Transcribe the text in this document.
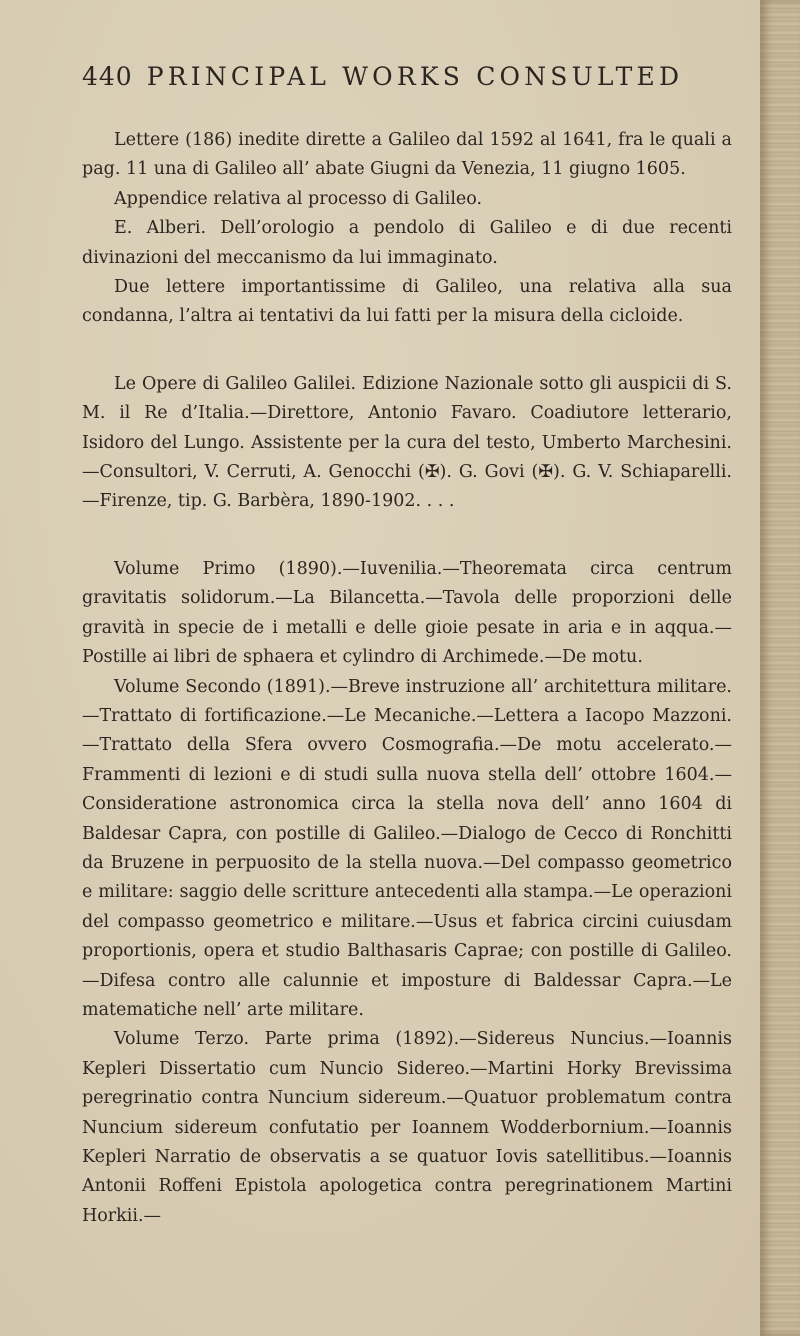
440 PRINCIPAL WORKS CONSULTED

Lettere (186) inedite dirette a Galileo dal 1592 al 1641, fra le quali a pag. 11 una di Galileo all’ abate Giugni da Venezia, 11 giugno 1605.

Appendice relativa al processo di Galileo.

E. Alberi. Dell’orologio a pendolo di Galileo e di due recenti divinazioni del meccanismo da lui immaginato.

Due lettere importantissime di Galileo, una relativa alla sua condanna, l’altra ai tentativi da lui fatti per la misura della cicloide.

Le Opere di Galileo Galilei. Edizione Nazionale sotto gli auspicii di S. M. il Re d’Italia.—Direttore, Antonio Favaro. Coadiutore letterario, Isidoro del Lungo. Assistente per la cura del testo, Umberto Marchesini.—Consultori, V. Cerruti, A. Genocchi (✠). G. Govi (✠). G. V. Schiaparelli.—Firenze, tip. G. Barbèra, 1890-1902. . . .

Volume Primo (1890).—Iuvenilia.—Theoremata circa centrum gravitatis solidorum.—La Bilancetta.—Tavola delle proporzioni delle gravità in specie de i metalli e delle gioie pesate in aria e in aqqua.—Postille ai libri de sphaera et cylindro di Archimede.—De motu.

Volume Secondo (1891).—Breve instruzione all’ architettura militare.—Trattato di fortificazione.—Le Mecaniche.—Lettera a Iacopo Mazzoni.—Trattato della Sfera ovvero Cosmografia.—De motu accelerato.—Frammenti di lezioni e di studi sulla nuova stella dell’ ottobre 1604.—Consideratione astronomica circa la stella nova dell’ anno 1604 di Baldesar Capra, con postille di Galileo.—Dialogo de Cecco di Ronchitti da Bruzene in perpuosito de la stella nuova.—Del compasso geometrico e militare: saggio delle scritture antecedenti alla stampa.—Le operazioni del compasso geometrico e militare.—Usus et fabrica circini cuiusdam proportionis, opera et studio Balthasaris Caprae; con postille di Galileo.—Difesa contro alle calunnie et imposture di Baldessar Capra.—Le matematiche nell’ arte militare.

Volume Terzo. Parte prima (1892).—Sidereus Nuncius.—Ioannis Kepleri Dissertatio cum Nuncio Sidereo.—Martini Horky Brevissima peregrinatio contra Nuncium sidereum.—Quatuor problematum contra Nuncium sidereum confutatio per Ioannem Wodderbornium.—Ioannis Kepleri Narratio de observatis a se quatuor Iovis satellitibus.—Ioannis Antonii Roffeni Epistola apologetica contra peregrinationem Martini Horkii.—
